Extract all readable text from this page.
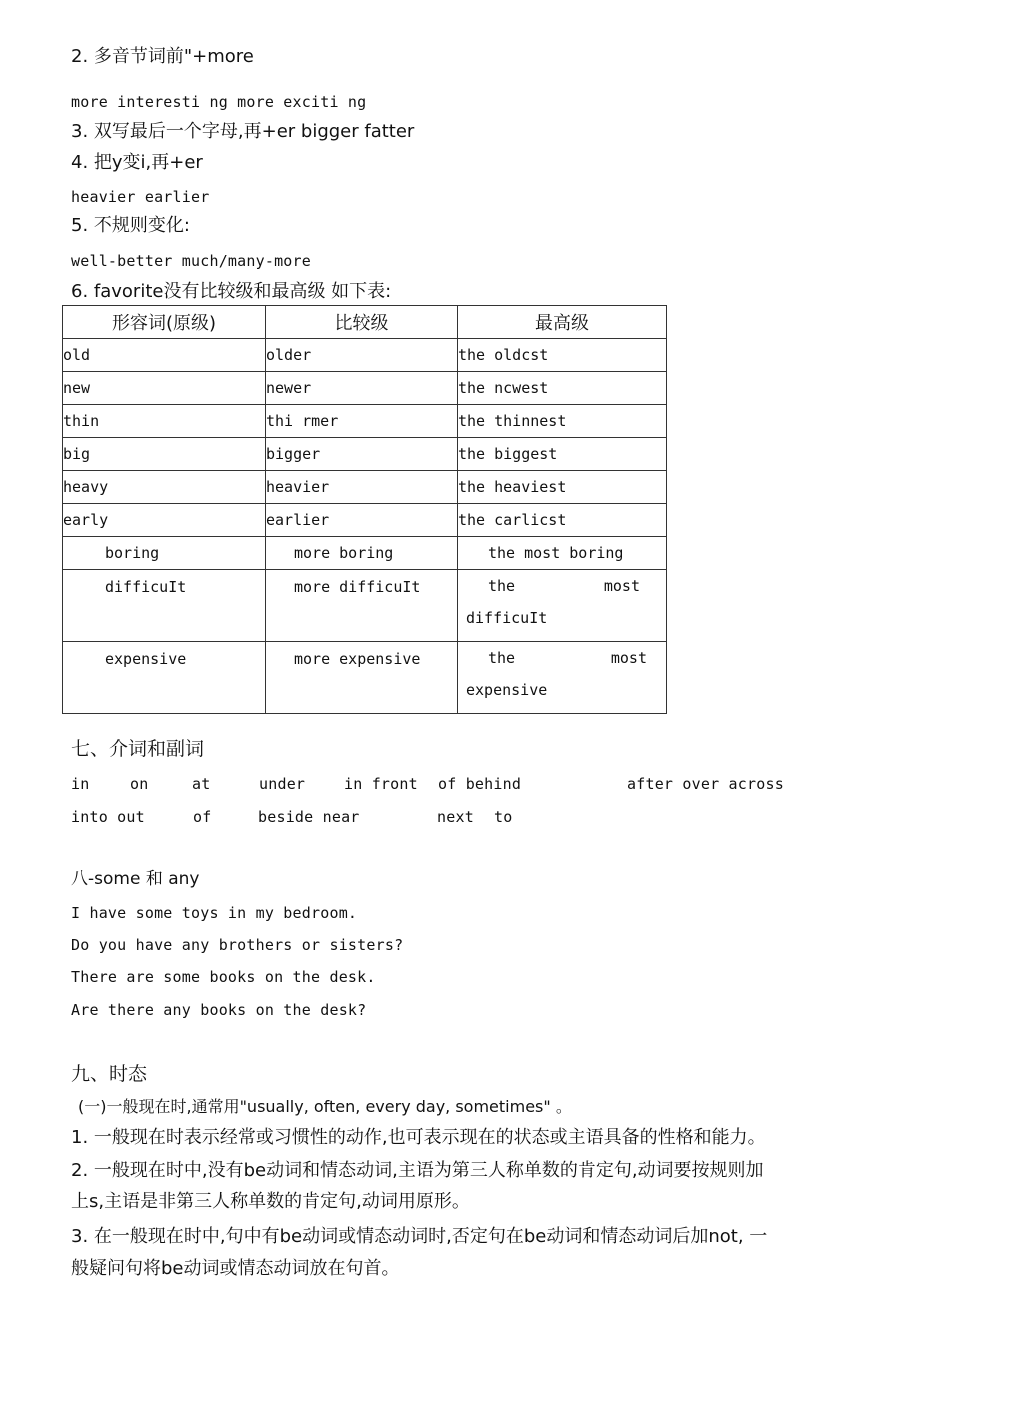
2. 多音节词前"+more
more interesti ng more exciti ng
3. 双写最后一个字母,再+er bigger fatter
4. 把y变i,再+er
heavier earlier
5. 不规则变化:
well-better much/many-more
6. favorite没有比较级和最高级 如下表:
形容词(原级)	比较级	最高级
old	older	the oldcst
new	newer	the ncwest
thin	thi rmer	the thinnest
big	bigger	the biggest
heavy	heavier	the heaviest
early	earlier	the carlicst
boring	more boring	the most boring
difficuIt	more difficuIt	the most
difficuIt

expensive	more expensive	the most
expensive
七、介词和副词

in

	on

	at

	under

	in front

of behind

	after over across

into out

	of

	beside near

	next

to

八-some 和 any
I have some toys in my bedroom.
Do you have any brothers or sisters?
There are some books on the desk.
Are there any books on the desk?
九、时态
(一)一般现在时,通常用"usually, often, every day, sometimes" 。
1. 一般现在时表示经常或习惯性的动作,也可表示现在的状态或主语具备的性格和能力。
2. 一般现在时中,没有be动词和情态动词,主语为第三人称单数的肯定句,动词要按规则加
上s,主语是非第三人称单数的肯定句,动词用原形。
3. 在一般现在时中,句中有be动词或情态动词时,否定句在be动词和情态动词后加not, 一
般疑问句将be动词或情态动词放在句首。
